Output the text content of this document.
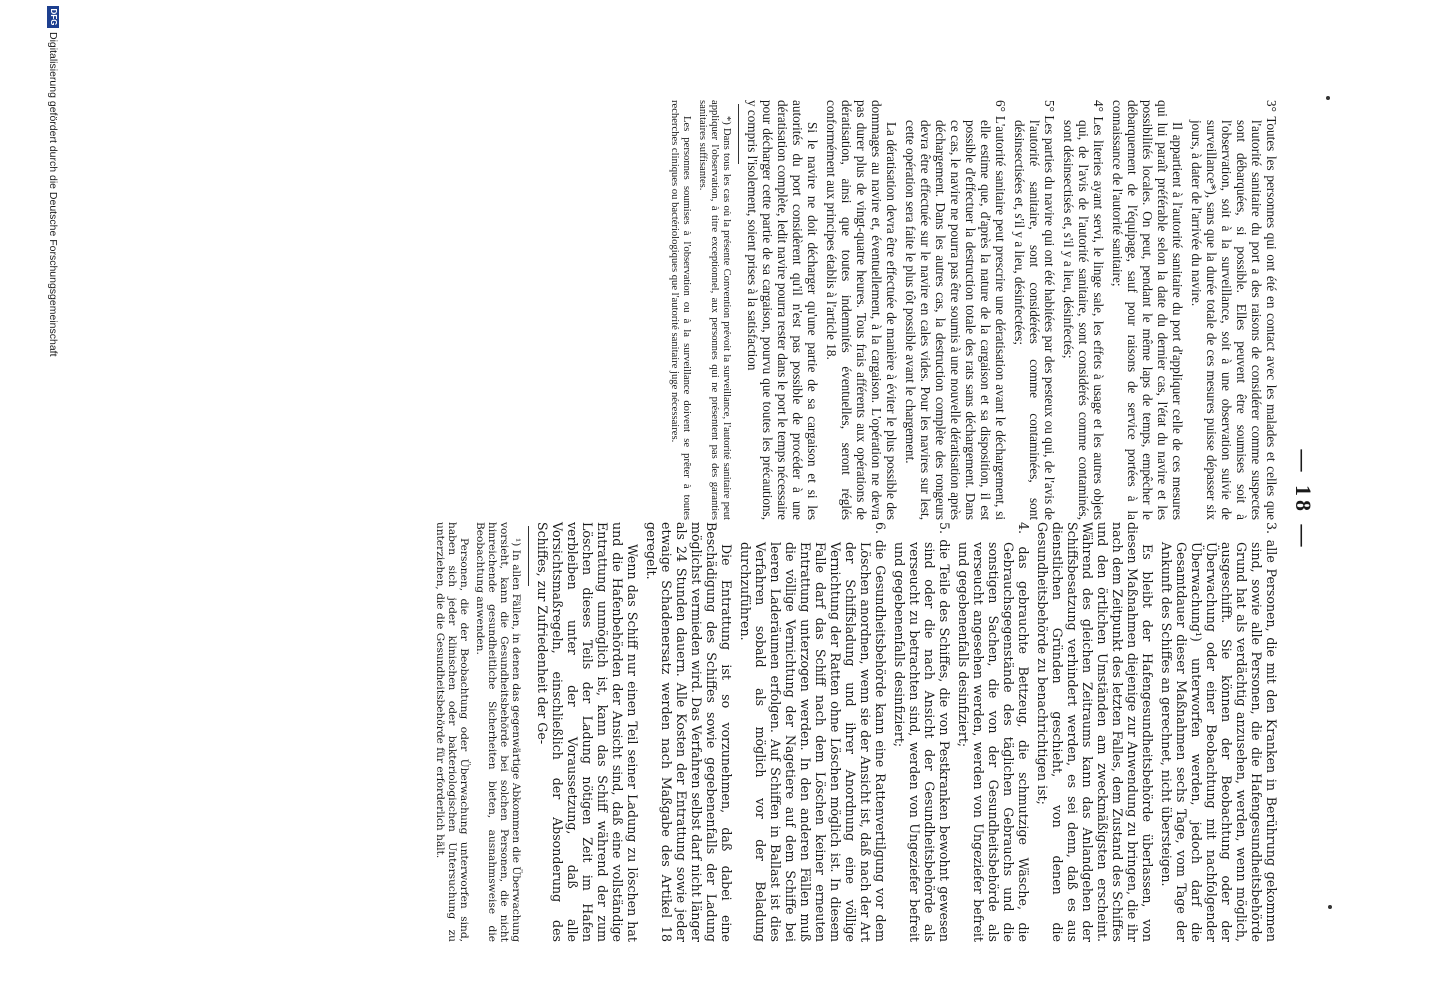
— 18 —

3° Toutes les personnes qui ont été en contact avec les malades et celles que l'autorité sanitaire du port a des raisons de considérer comme suspectes sont débarquées, si possible. Elles peuvent être soumises soit à l'observation, soit à la surveillance, soit à une observation suivie de surveillance*), sans que la durée totale de ces mesures puisse dépasser six jours, à dater de l'arrivée du navire.

Il appartient à l'autorité sanitaire du port d'appliquer celle de ces mesures qui lui paraît préférable selon la date du dernier cas, l'état du navire et les possibilités locales. On peut, pendant le même laps de temps, empêcher le débarquement de l'équipage, sauf pour raisons de service portées à la connaissance de l'autorité sanitaire;

4° Les literies ayant servi, le linge sale, les effets à usage et les autres objets qui, de l'avis de l'autorité sanitaire, sont considérés comme contaminés, sont désinsectisés et, s'il y a lieu, désinfectés;

5° Les parties du navire qui ont été habitées par des pesteux ou qui, de l'avis de l'autorité sanitaire, sont considérées comme contaminées, sont désinsectisées et, s'il y a lieu, désinfectées;

6° L'autorité sanitaire peut prescrire une dératisation avant le déchargement, si elle estime que, d'après la nature de la cargaison et sa disposition, il est possible d'effectuer la destruction totale des rats sans déchargement. Dans ce cas, le navire ne pourra pas être soumis à une nouvelle dératisation après déchargement. Dans les autres cas, la destruction complète des rongeurs devra être effectuée sur le navire en cales vides. Pour les navires sur lest, cette opération sera faite le plus tôt possible avant le chargement.

La dératisation devra être effectuée de manière à éviter le plus possible des dommages au navire et, éventuellement, à la cargaison. L'opération ne devra pas durer plus de vingt-quatre heures. Tous frais afférents aux opérations de dératisation, ainsi que toutes indemnités éventuelles, seront réglés conformément aux principes établis à l'article 18.

Si le navire ne doit décharger qu'une partie de sa cargaison et si les autorités du port considèrent qu'il n'est pas possible de procéder à une dératisation complète, ledit navire pourra rester dans le port le temps nécessaire pour décharger cette partie de sa cargaison, pourvu que toutes les précautions, y compris l'isolement, soient prises à la satisfaction

*) Dans tous les cas où la présente Convention prévoit la surveillance, l'autorité sanitaire peut appliquer l'observation, à titre exceptionnel, aux personnes qui ne présentent pas des garanties sanitaires suffisantes.

Les personnes soumises à l'observation ou à la surveillance doivent se prêter à toutes recherches cliniques ou bactériologiques que l'autorité sanitaire juge nécessaires.

3. alle Personen, die mit den Kranken in Berührung gekommen sind, sowie alle Personen, die die Hafengesundheitsbehörde Grund hat als verdächtig anzusehen, werden, wenn möglich, ausgeschifft. Sie können der Beobachtung oder der Überwachung oder einer Beobachtung mit nachfolgender Überwachung¹) unterworfen werden, jedoch darf die Gesamtdauer dieser Maßnahmen sechs Tage, vom Tage der Ankunft des Schiffes an gerechnet, nicht übersteigen.

Es bleibt der Hafengesundheitsbehörde überlassen, von diesen Maßnahmen diejenige zur Anwendung zu bringen, die ihr nach dem Zeitpunkt des letzten Falles, dem Zustand des Schiffes und den örtlichen Umständen am zweckmäßigsten erscheint. Während des gleichen Zeitraums kann das Anlandgehen der Schiffsbesatzung verhindert werden, es sei denn, daß es aus dienstlichen Gründen geschieht, von denen die Gesundheitsbehörde zu benachrichtigen ist;

4. das gebrauchte Bettzeug, die schmutzige Wäsche, die Gebrauchsgegenstände des täglichen Gebrauchs und die sonstigen Sachen, die von der Gesundheitsbehörde als verseucht angesehen werden, werden von Ungeziefer befreit und gegebenenfalls desinfiziert;

5. die Teile des Schiffes, die von Pestkranken bewohnt gewesen sind oder die nach Ansicht der Gesundheitsbehörde als verseucht zu betrachten sind, werden von Ungeziefer befreit und gegebenenfalls desinfiziert;

6. die Gesundheitsbehörde kann eine Rattenvertilgung vor dem Löschen anordnen, wenn sie der Ansicht ist, daß nach der Art der Schiffsladung und ihrer Anordnung eine völlige Vernichtung der Ratten ohne Löschen möglich ist. In diesem Falle darf das Schiff nach dem Löschen keiner erneuten Entrattung unterzogen werden. In den anderen Fällen muß die völlige Vernichtung der Nagetiere auf dem Schiffe bei leeren Laderäumen erfolgen. Auf Schiffen in Ballast ist dies Verfahren sobald als möglich vor der Beladung durchzuführen.

Die Entrattung ist so vorzunehmen, daß dabei eine Beschädigung des Schiffes sowie gegebenenfalls der Ladung möglichst vermieden wird. Das Verfahren selbst darf nicht länger als 24 Stunden dauern. Alle Kosten der Entrattung sowie jeder etwaige Schadenersatz werden nach Maßgabe des Artikel 18 geregelt.

Wenn das Schiff nur einen Teil seiner Ladung zu löschen hat und die Hafenbehörden der Ansicht sind, daß eine vollständige Entrattung unmöglich ist, kann das Schiff während der zum Löschen dieses Teils der Ladung nötigen Zeit im Hafen verbleiben unter der Voraussetzung, daß alle Vorsichtsmaßregeln, einschließlich der Absonderung des Schiffes, zur Zufriedenheit der Ge-

¹) In allen Fällen, in denen das gegenwärtige Abkommen die Überwachung vorsieht, kann die Gesundheitsbehörde bei solchen Personen, die nicht hinreichende gesundheitliche Sicherheiten bieten, ausnahmsweise die Beobachtung anwenden.

Personen, die der Beobachtung oder Überwachung unterworfen sind, haben sich jeder klinischen oder bakteriologischen Untersuchung zu unterziehen, die die Gesundheitsbehörde für erforderlich hält.

DFG
Digitalisierung gefördert durch die Deutsche Forschungsgemeinschaft
